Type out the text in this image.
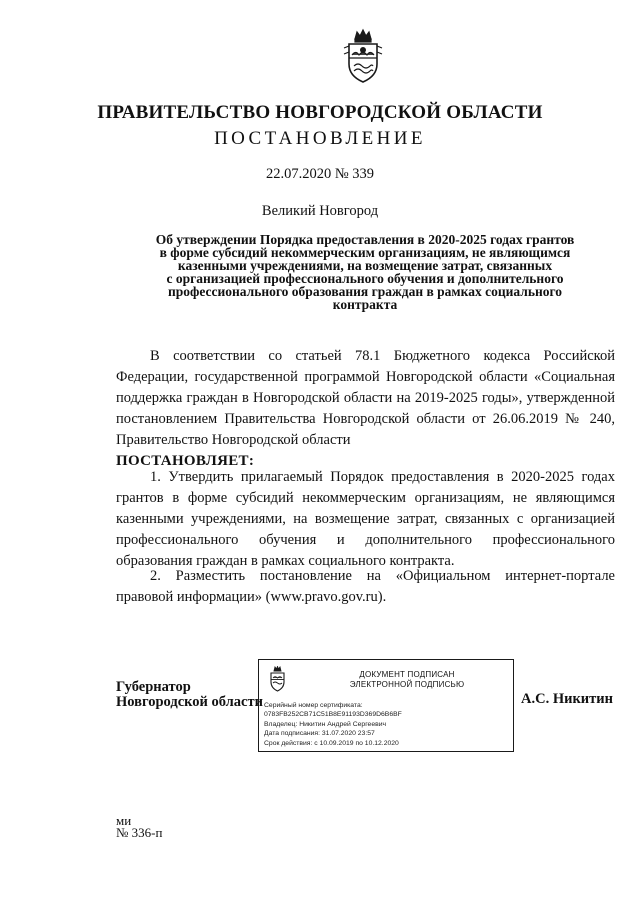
ПРАВИТЕЛЬСТВО НОВГОРОДСКОЙ ОБЛАСТИ
ПОСТАНОВЛЕНИЕ
22.07.2020 № 339
Великий Новгород
Об утверждении Порядка предоставления в 2020-2025 годах грантов
в форме субсидий некоммерческим организациям, не являющимся
казенными учреждениями, на возмещение затрат, связанных
с организацией профессионального обучения и дополнительного
профессионального образования граждан в рамках социального
контракта

В соответствии со статьей 78.1 Бюджетного кодекса Российской Федерации, государственной программой Новгородской области «Социальная поддержка граждан в Новгородской области на 2019-2025 годы», утвержденной постановлением Правительства Новгородской области от 26.06.2019 № 240, Правительство Новгородской области

ПОСТАНОВЛЯЕТ:

1. Утвердить прилагаемый Порядок предоставления в 2020-2025 годах грантов в форме субсидий некоммерческим организациям, не являющимся казенными учреждениями, на возмещение затрат, связанных с организацией профессионального обучения и дополнительного профессионального образования граждан в рамках социального контракта.

2. Разместить постановление на «Официальном интернет-портале правовой информации» (www.pravo.gov.ru).

Губернатор
Новгородской области
ДОКУМЕНТ ПОДПИСАН
ЭЛЕКТРОННОЙ ПОДПИСЬЮ
Серийный номер сертификата:
0783FB252CB71C51B8E91193D369D6B6BF
Владелец: Никитин Андрей Сергеевич
Дата подписания: 31.07.2020 23:57
Срок действия: с 10.09.2019 по 10.12.2020
А.С. Никитин
ми
№ 336-п
